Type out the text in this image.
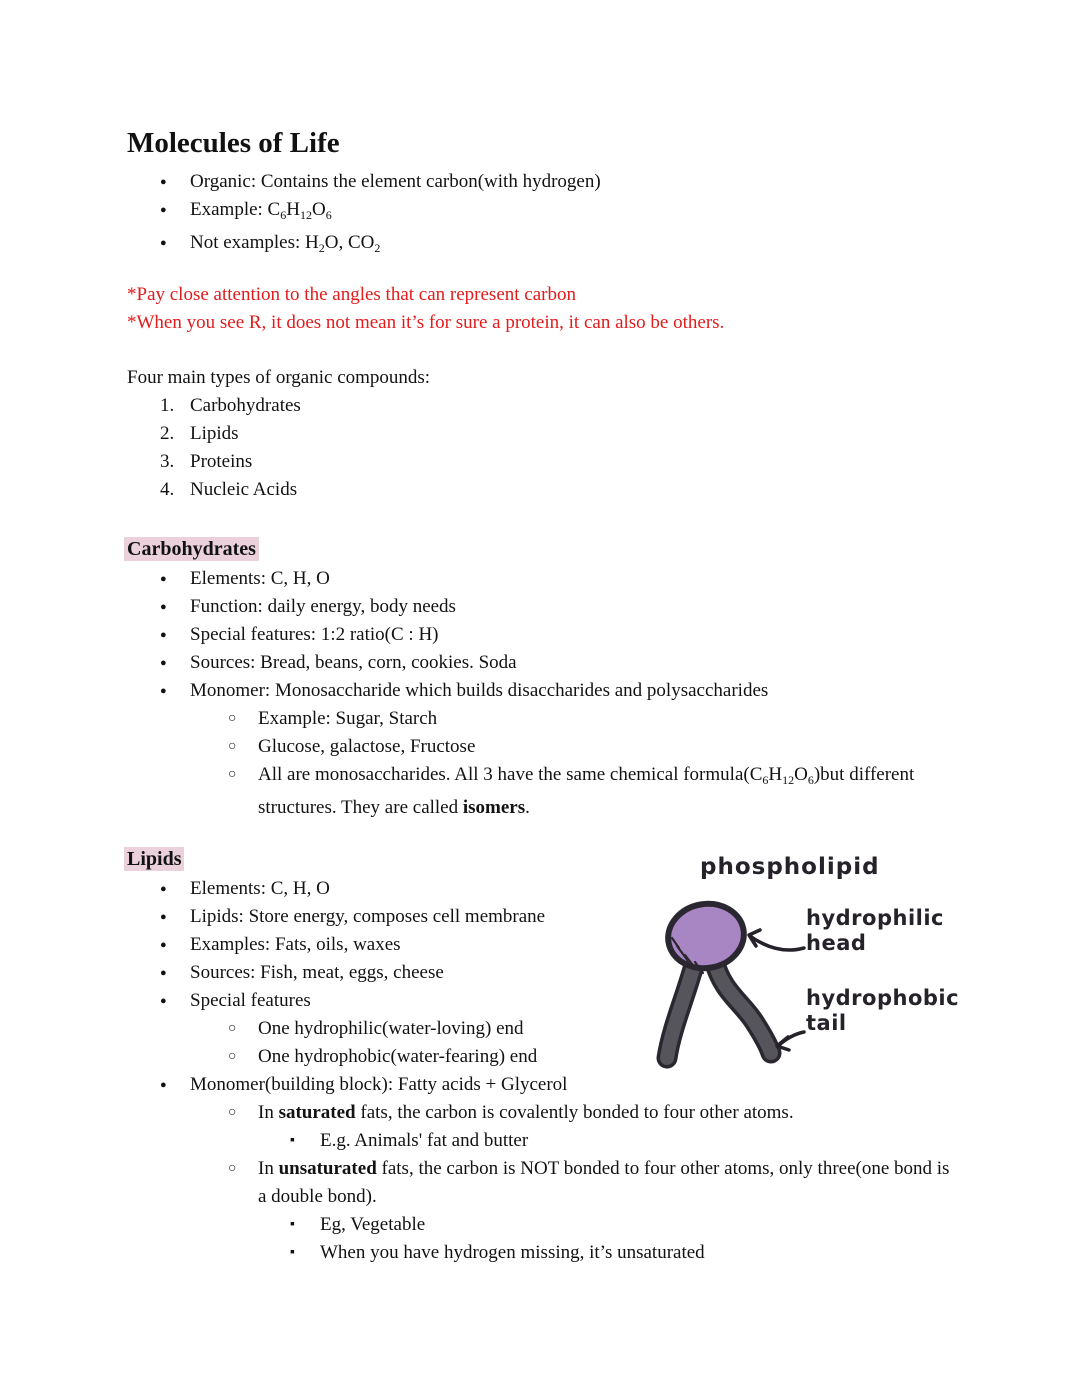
Molecules of Life
●	Organic: Contains the element carbon(with hydrogen)
●	Example: $C_6H_{12}O_6$
●	Not examples: $H_2O$, $CO_2$
*Pay close attention to the angles that can represent carbon
*When you see R, it does not mean it’s for sure a protein, it can also be others.
Four main types of organic compounds:
1. Carbohydrates
2. Lipids
3. Proteins
4. Nucleic Acids
Carbohydrates
●	Elements: C, H, O
●	Function: daily energy, body needs
●	Special features: 1:2 ratio(C : H)
●	Sources: Bread, beans, corn, cookies. Soda
●	Monomer: Monosaccharide which builds disaccharides and polysaccharides
○	Example: Sugar, Starch
○	Glucose, galactose, Fructose
○	All are monosaccharides. All 3 have the same chemical $formula(C_6H_{12}O_6)but$ different structures. They are called isomers.
Lipids
●	Elements: C, H, O
●	Lipids: Store energy, composes cell membrane
●	Examples: Fats, oils, waxes
●	Sources: Fish, meat, eggs, cheese
●	Special features
○	One hydrophilic(water-loving) end
○	One hydrophobic(water-fearing) end
●	Monomer(building block): Fatty acids + Glycerol
○	In saturated fats, the carbon is covalently bonded to four other atoms.
▪	E.g. Animals' fat and butter
○	In unsaturated fats, the carbon is NOT bonded to four other atoms, only three(one bond is a double bond).
▪	Eg, Vegetable
▪	When you have hydrogen missing, it’s unsaturated
phospholipid
hydrophilic
head
hydrophobic
tail
